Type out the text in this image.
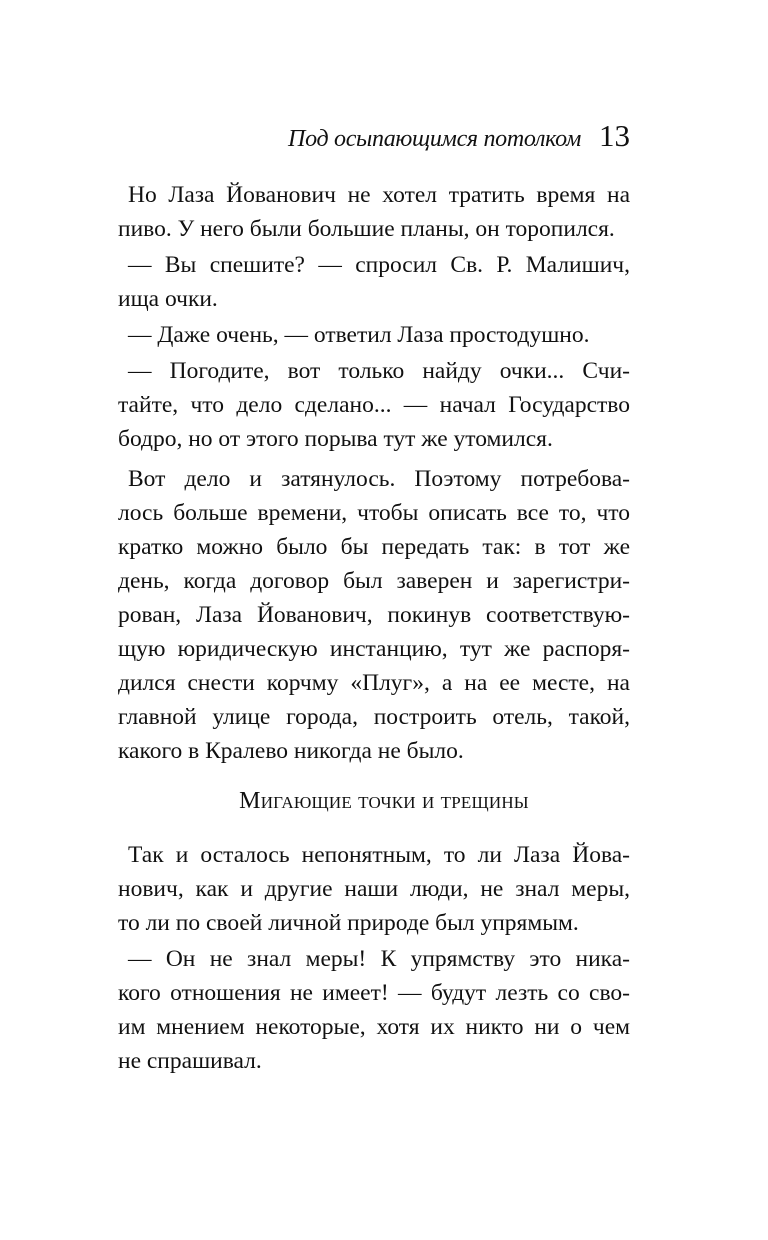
Под осыпающимся потолком 13
Но Лаза Йованович не хотел тратить время на
пиво. У него были большие планы, он торопился.
— Вы спешите? — спросил Св. Р. Малишич,
ища очки.
— Даже очень, — ответил Лаза простодушно.
— Погодите, вот только найду очки... Счи-
тайте, что дело сделано... — начал Государство
бодро, но от этого порыва тут же утомился.
Вот дело и затянулось. Поэтому потребова-
лось больше времени, чтобы описать все то, что
кратко можно было бы передать так: в тот же
день, когда договор был заверен и зарегистри-
рован, Лаза Йованович, покинув соответствую-
щую юридическую инстанцию, тут же распоря-
дился снести корчму «Плуг», а на ее месте, на
главной улице города, построить отель, такой,
какого в Кралево никогда не было.
Мигающие точки и трещины
Так и осталось непонятным, то ли Лаза Йова-
нович, как и другие наши люди, не знал меры,
то ли по своей личной природе был упрямым.
— Он не знал меры! К упрямству это ника-
кого отношения не имеет! — будут лезть со сво-
им мнением некоторые, хотя их никто ни о чем
не спрашивал.
